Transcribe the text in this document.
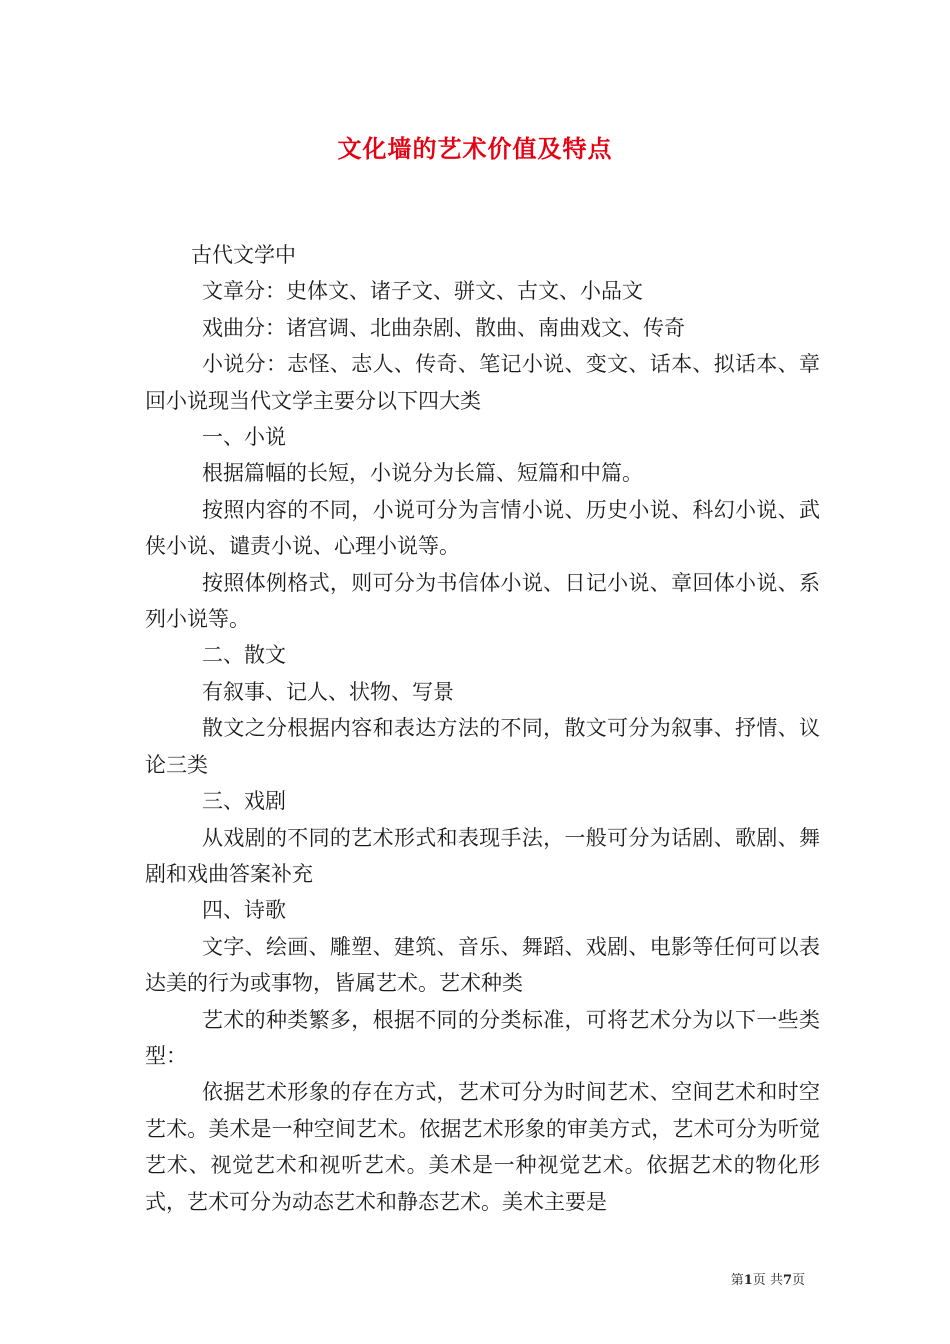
文化墙的艺术价值及特点

古代文学中

文章分：史体文、诸子文、骈文、古文、小品文

戏曲分：诸宫调、北曲杂剧、散曲、南曲戏文、传奇

小说分：志怪、志人、传奇、笔记小说、变文、话本、拟话本、章回小说现当代文学主要分以下四大类

一、小说

根据篇幅的长短，小说分为长篇、短篇和中篇。

按照内容的不同，小说可分为言情小说、历史小说、科幻小说、武侠小说、谴责小说、心理小说等。

按照体例格式，则可分为书信体小说、日记小说、章回体小说、系列小说等。

二、散文

有叙事、记人、状物、写景

散文之分根据内容和表达方法的不同，散文可分为叙事、抒情、议论三类

三、戏剧

从戏剧的不同的艺术形式和表现手法，一般可分为话剧、歌剧、舞剧和戏曲答案补充

四、诗歌

文字、绘画、雕塑、建筑、音乐、舞蹈、戏剧、电影等任何可以表达美的行为或事物，皆属艺术。艺术种类

艺术的种类繁多，根据不同的分类标准，可将艺术分为以下一些类型：

依据艺术形象的存在方式，艺术可分为时间艺术、空间艺术和时空艺术。美术是一种空间艺术。依据艺术形象的审美方式，艺术可分为听觉艺术、视觉艺术和视听艺术。美术是一种视觉艺术。依据艺术的物化形式，艺术可分为动态艺术和静态艺术。美术主要是

第1页 共7页
